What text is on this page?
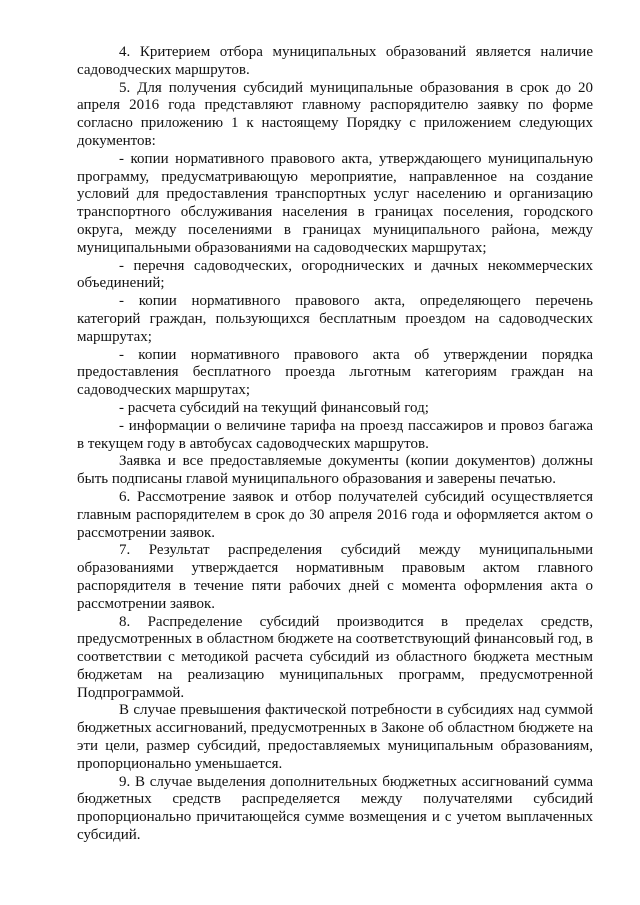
4. Критерием отбора муниципальных образований является наличие садоводческих маршрутов.

5. Для получения субсидий муниципальные образования в срок до 20 апреля 2016 года представляют главному распорядителю заявку по форме согласно приложению 1 к настоящему Порядку с приложением следующих документов:

- копии нормативного правового акта, утверждающего муниципальную программу, предусматривающую мероприятие, направленное на создание условий для предоставления транспортных услуг населению и организацию транспортного обслуживания населения в границах поселения, городского округа, между поселениями в границах муниципального района, между муниципальными образованиями на садоводческих маршрутах;

- перечня садоводческих, огороднических и дачных некоммерческих объединений;

- копии нормативного правового акта, определяющего перечень категорий граждан, пользующихся бесплатным проездом на садоводческих маршрутах;

- копии нормативного правового акта об утверждении порядка предоставления бесплатного проезда льготным категориям граждан на садоводческих маршрутах;

- расчета субсидий на текущий финансовый год;

- информации о величине тарифа на проезд пассажиров и провоз багажа в текущем году в автобусах садоводческих маршрутов.

Заявка и все предоставляемые документы (копии документов) должны быть подписаны главой муниципального образования и заверены печатью.

6. Рассмотрение заявок и отбор получателей субсидий осуществляется главным распорядителем в срок до 30 апреля 2016 года и оформляется актом о рассмотрении заявок.

7. Результат распределения субсидий между муниципальными образованиями утверждается нормативным правовым актом главного распорядителя в течение пяти рабочих дней с момента оформления акта о рассмотрении заявок.

8. Распределение субсидий производится в пределах средств, предусмотренных в областном бюджете на соответствующий финансовый год, в соответствии с методикой расчета субсидий из областного бюджета местным бюджетам на реализацию муниципальных программ, предусмотренной Подпрограммой.

В случае превышения фактической потребности в субсидиях над суммой бюджетных ассигнований, предусмотренных в Законе об областном бюджете на эти цели, размер субсидий, предоставляемых муниципальным образованиям, пропорционально уменьшается.

9. В случае выделения дополнительных бюджетных ассигнований сумма бюджетных средств распределяется между получателями субсидий пропорционально причитающейся сумме возмещения и с учетом выплаченных субсидий.
